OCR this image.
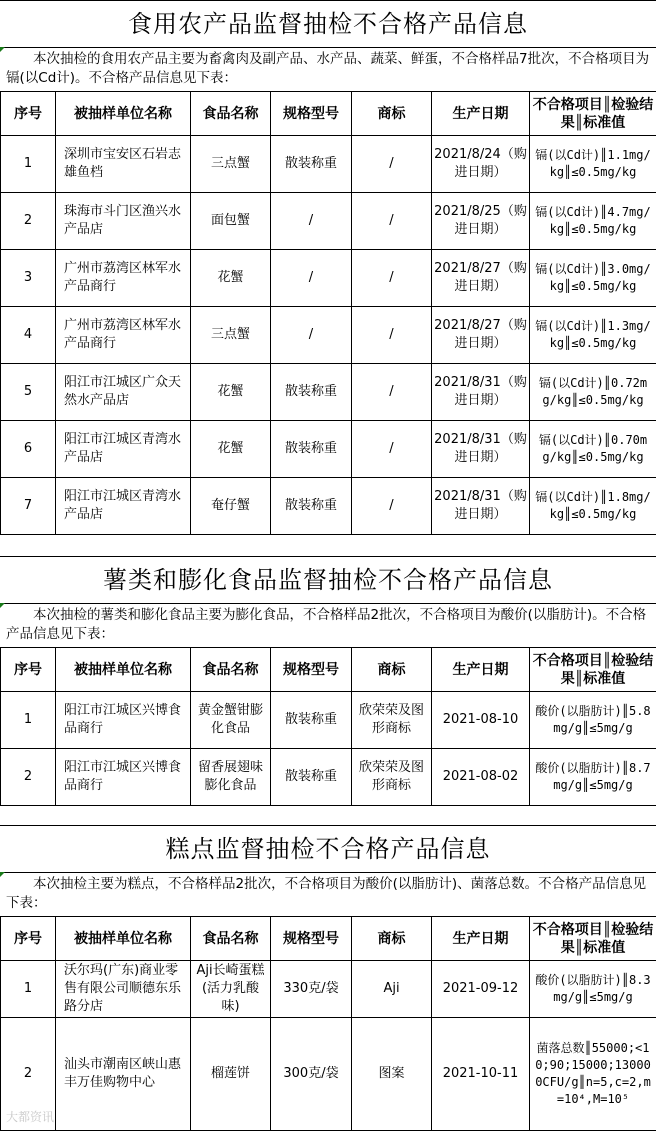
食用农产品监督抽检不合格产品信息
本次抽检的食用农产品主要为畜禽肉及副产品、水产品、蔬菜、鲜蛋，不合格样品7批次，不合格项目为镉(以Cd计)。不合格产品信息见下表：
序号	被抽样单位名称	食品名称	规格型号	商标	生产日期	不合格项目║检验结果║标准值
1	深圳市宝安区石岩志雄鱼档	三点蟹	散装称重	/	2021/8/24（购进日期）	镉(以Cd计)║1.1mg/kg║≤0.5mg/kg
2	珠海市斗门区渔兴水产品店	面包蟹	/	/	2021/8/25（购进日期）	镉(以Cd计)║4.7mg/kg║≤0.5mg/kg
3	广州市荔湾区林军水产品商行	花蟹	/	/	2021/8/27（购进日期）	镉(以Cd计)║3.0mg/kg║≤0.5mg/kg
4	广州市荔湾区林军水产品商行	三点蟹	/	/	2021/8/27（购进日期）	镉(以Cd计)║1.3mg/kg║≤0.5mg/kg
5	阳江市江城区广众天然水产品店	花蟹	散装称重	/	2021/8/31（购进日期）	镉(以Cd计)║0.72mg/kg║≤0.5mg/kg
6	阳江市江城区青湾水产品店	花蟹	散装称重	/	2021/8/31（购进日期）	镉(以Cd计)║0.70mg/kg║≤0.5mg/kg
7	阳江市江城区青湾水产品店	奄仔蟹	散装称重	/	2021/8/31（购进日期）	镉(以Cd计)║1.8mg/kg║≤0.5mg/kg
薯类和膨化食品监督抽检不合格产品信息
本次抽检的薯类和膨化食品主要为膨化食品，不合格样品2批次，不合格项目为酸价(以脂肪计)。不合格产品信息见下表：
序号	被抽样单位名称	食品名称	规格型号	商标	生产日期	不合格项目║检验结果║标准值
1	阳江市江城区兴博食品商行	黄金蟹钳膨化食品	散装称重	欣荣荣及图形商标	2021-08-10	酸价(以脂肪计)║5.8mg/g║≤5mg/g
2	阳江市江城区兴博食品商行	留香展翅味膨化食品	散装称重	欣荣荣及图形商标	2021-08-02	酸价(以脂肪计)║8.7mg/g║≤5mg/g
糕点监督抽检不合格产品信息
本次抽检主要为糕点，不合格样品2批次，不合格项目为酸价(以脂肪计)、菌落总数。不合格产品信息见下表：
序号	被抽样单位名称	食品名称	规格型号	商标	生产日期	不合格项目║检验结果║标准值
1	沃尔玛(广东)商业零售有限公司顺德东乐路分店	Aji长崎蛋糕(活力乳酸味)	330克/袋	Aji	2021-09-12	酸价(以脂肪计)║8.3mg/g║≤5mg/g
2	汕头市潮南区峡山惠丰万佳购物中心	榴莲饼	300克/袋	图案	2021-10-11	菌落总数║55000;<10;90;15000;130000CFU/g║n=5,c=2,m=10⁴,M=10⁵
大都资讯
